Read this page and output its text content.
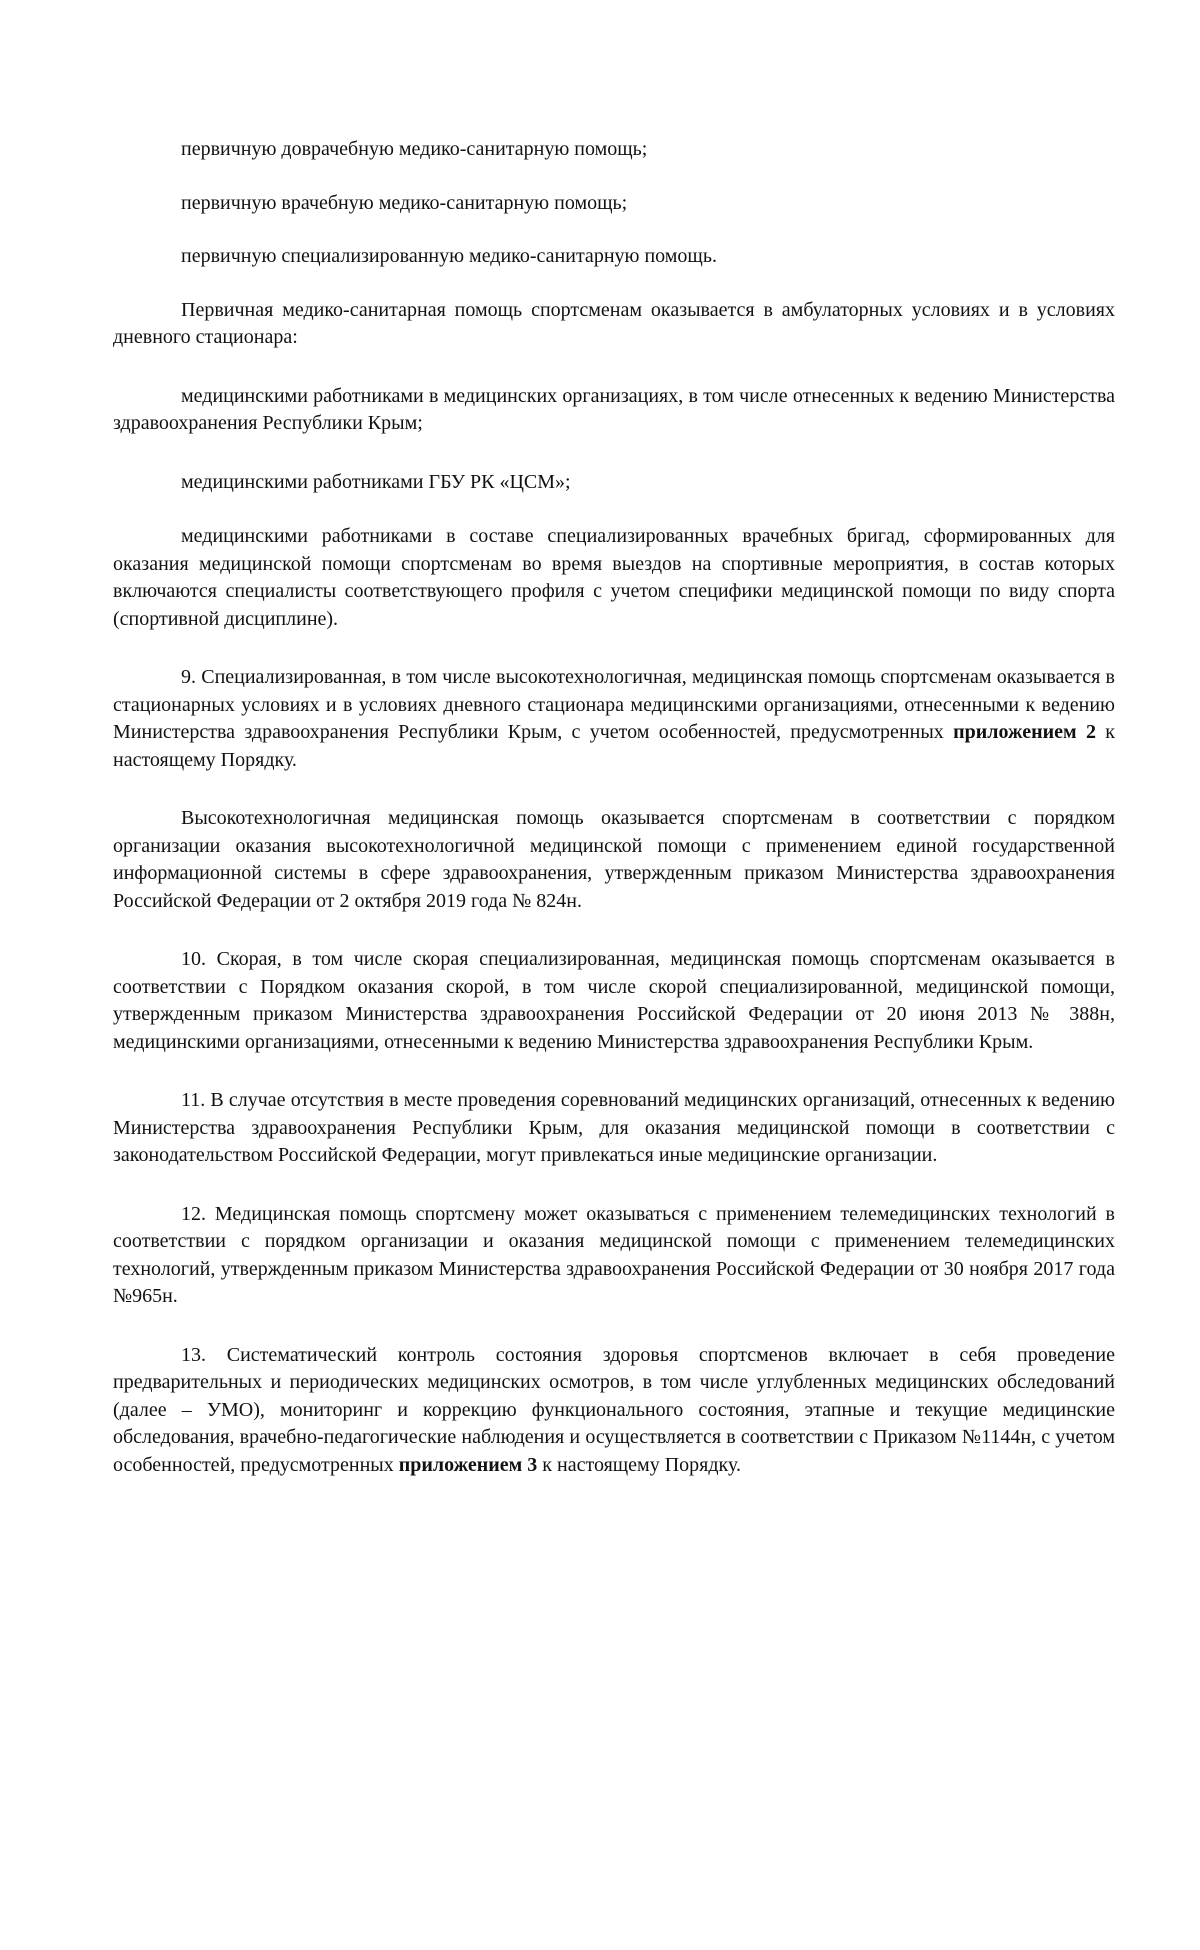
первичную доврачебную медико-санитарную помощь;

первичную врачебную медико-санитарную помощь;

первичную специализированную медико-санитарную помощь.

Первичная медико-санитарная помощь спортсменам оказывается в амбулаторных условиях и в условиях дневного стационара:

медицинскими работниками в медицинских организациях, в том числе отнесенных к ведению Министерства здравоохранения Республики Крым;

медицинскими работниками ГБУ РК «ЦСМ»;

медицинскими работниками в составе специализированных врачебных бригад, сформированных для оказания медицинской помощи спортсменам во время выездов на спортивные мероприятия, в состав которых включаются специалисты соответствующего профиля с учетом специфики медицинской помощи по виду спорта (спортивной дисциплине).

9. Специализированная, в том числе высокотехнологичная, медицинская помощь спортсменам оказывается в стационарных условиях и в условиях дневного стационара медицинскими организациями, отнесенными к ведению Министерства здравоохранения Республики Крым, с учетом особенностей, предусмотренных приложением 2 к настоящему Порядку.

Высокотехнологичная медицинская помощь оказывается спортсменам в соответствии с порядком организации оказания высокотехнологичной медицинской помощи с применением единой государственной информационной системы в сфере здравоохранения, утвержденным приказом Министерства здравоохранения Российской Федерации от 2 октября 2019 года № 824н.

10. Скорая, в том числе скорая специализированная, медицинская помощь спортсменам оказывается в соответствии с Порядком оказания скорой, в том числе скорой специализированной, медицинской помощи, утвержденным приказом Министерства здравоохранения Российской Федерации от 20 июня 2013 № 388н, медицинскими организациями, отнесенными к ведению Министерства здравоохранения Республики Крым.

11. В случае отсутствия в месте проведения соревнований медицинских организаций, отнесенных к ведению Министерства здравоохранения Республики Крым, для оказания медицинской помощи в соответствии с законодательством Российской Федерации, могут привлекаться иные медицинские организации.

12. Медицинская помощь спортсмену может оказываться с применением телемедицинских технологий в соответствии с порядком организации и оказания медицинской помощи с применением телемедицинских технологий, утвержденным приказом Министерства здравоохранения Российской Федерации от 30 ноября 2017 года №965н.

13. Систематический контроль состояния здоровья спортсменов включает в себя проведение предварительных и периодических медицинских осмотров, в том числе углубленных медицинских обследований (далее – УМО), мониторинг и коррекцию функционального состояния, этапные и текущие медицинские обследования, врачебно-педагогические наблюдения и осуществляется в соответствии с Приказом №1144н, с учетом особенностей, предусмотренных приложением 3 к настоящему Порядку.
